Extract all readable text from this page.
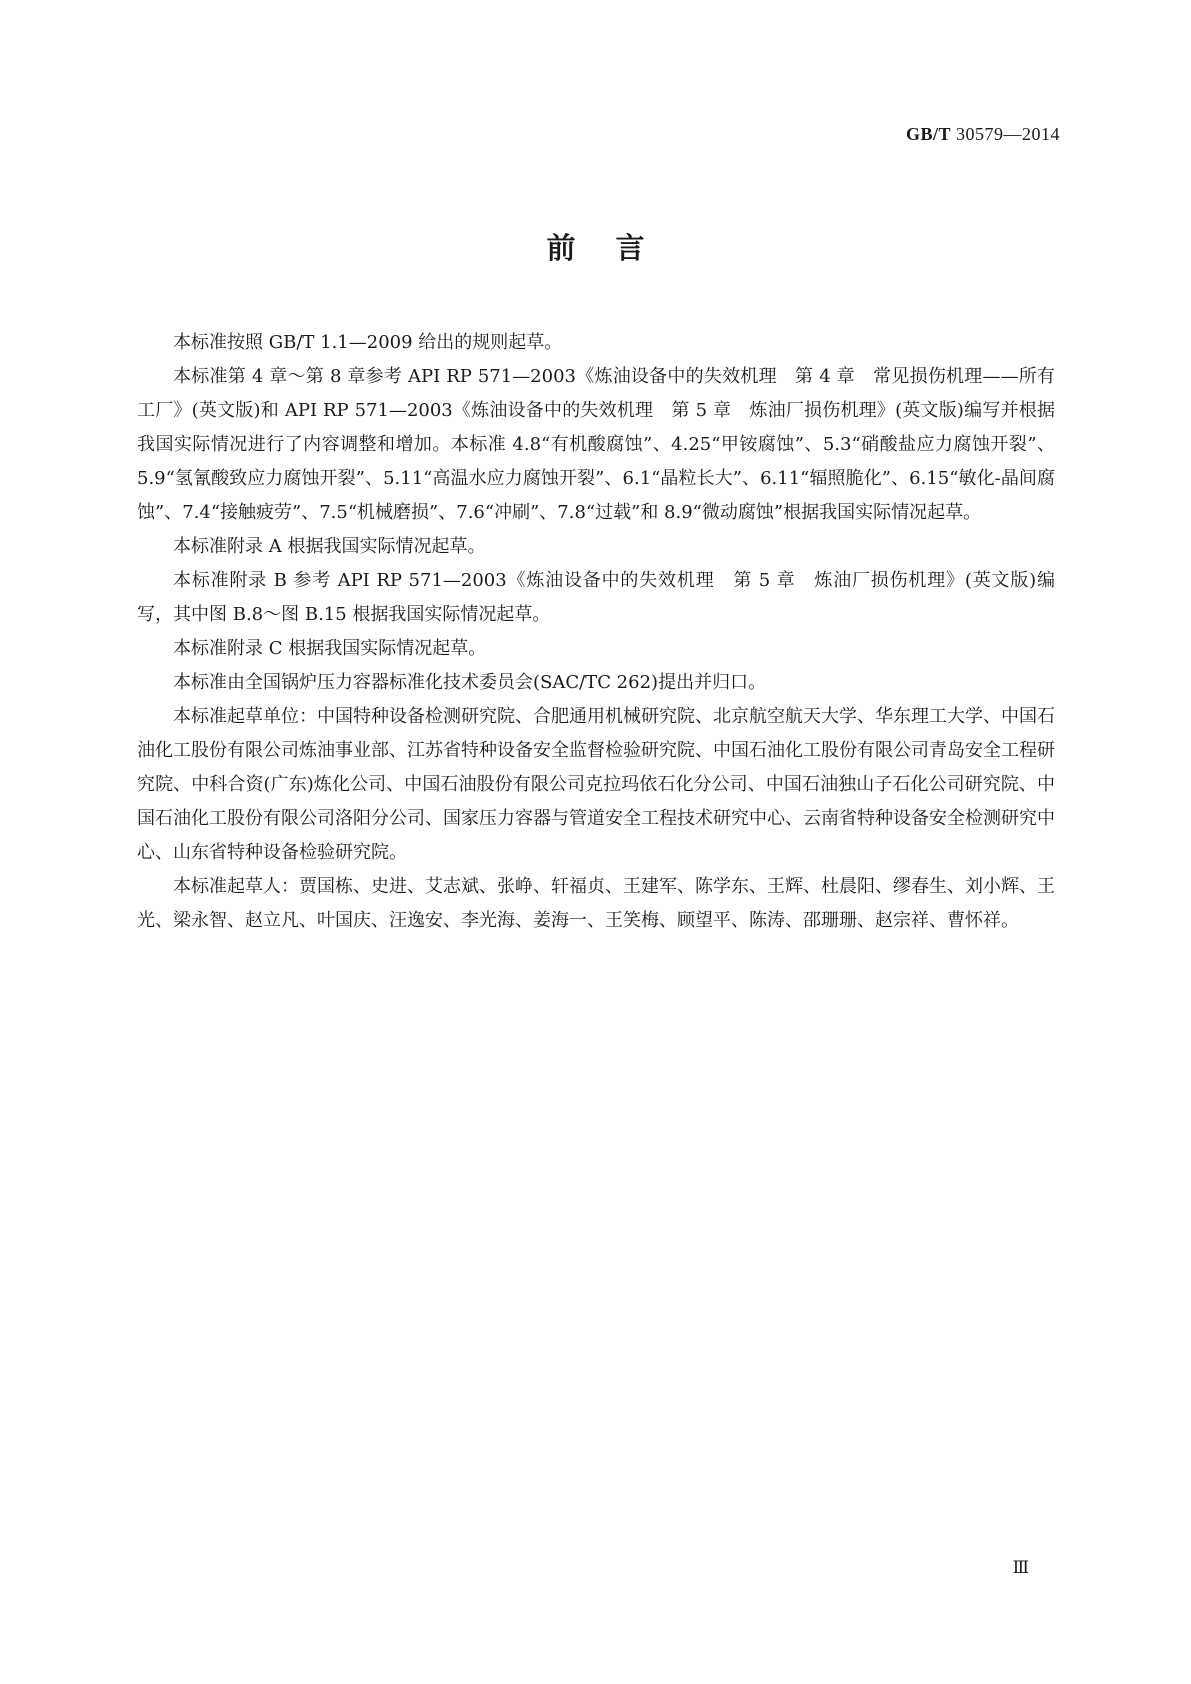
GB/T 30579—2014
前言

本标准按照 GB/T 1.1—2009 给出的规则起草。

本标准第 4 章～第 8 章参考 API RP 571—2003《炼油设备中的失效机理　第 4 章　常见损伤机理——所有工厂》(英文版)和 API RP 571—2003《炼油设备中的失效机理　第 5 章　炼油厂损伤机理》(英文版)编写并根据我国实际情况进行了内容调整和增加。本标准 4.8“有机酸腐蚀”、4.25“甲铵腐蚀”、5.3“硝酸盐应力腐蚀开裂”、5.9“氢氰酸致应力腐蚀开裂”、5.11“高温水应力腐蚀开裂”、6.1“晶粒长大”、6.11“辐照脆化”、6.15“敏化-晶间腐蚀”、7.4“接触疲劳”、7.5“机械磨损”、7.6“冲刷”、7.8“过载”和 8.9“微动腐蚀”根据我国实际情况起草。

本标准附录 A 根据我国实际情况起草。

本标准附录 B 参考 API RP 571—2003《炼油设备中的失效机理　第 5 章　炼油厂损伤机理》(英文版)编写，其中图 B.8～图 B.15 根据我国实际情况起草。

本标准附录 C 根据我国实际情况起草。

本标准由全国锅炉压力容器标准化技术委员会(SAC/TC 262)提出并归口。

本标准起草单位：中国特种设备检测研究院、合肥通用机械研究院、北京航空航天大学、华东理工大学、中国石油化工股份有限公司炼油事业部、江苏省特种设备安全监督检验研究院、中国石油化工股份有限公司青岛安全工程研究院、中科合资(广东)炼化公司、中国石油股份有限公司克拉玛依石化分公司、中国石油独山子石化公司研究院、中国石油化工股份有限公司洛阳分公司、国家压力容器与管道安全工程技术研究中心、云南省特种设备安全检测研究中心、山东省特种设备检验研究院。

本标准起草人：贾国栋、史进、艾志斌、张峥、轩福贞、王建军、陈学东、王辉、杜晨阳、缪春生、刘小辉、王光、梁永智、赵立凡、叶国庆、汪逸安、李光海、姜海一、王笑梅、顾望平、陈涛、邵珊珊、赵宗祥、曹怀祥。

Ⅲ
